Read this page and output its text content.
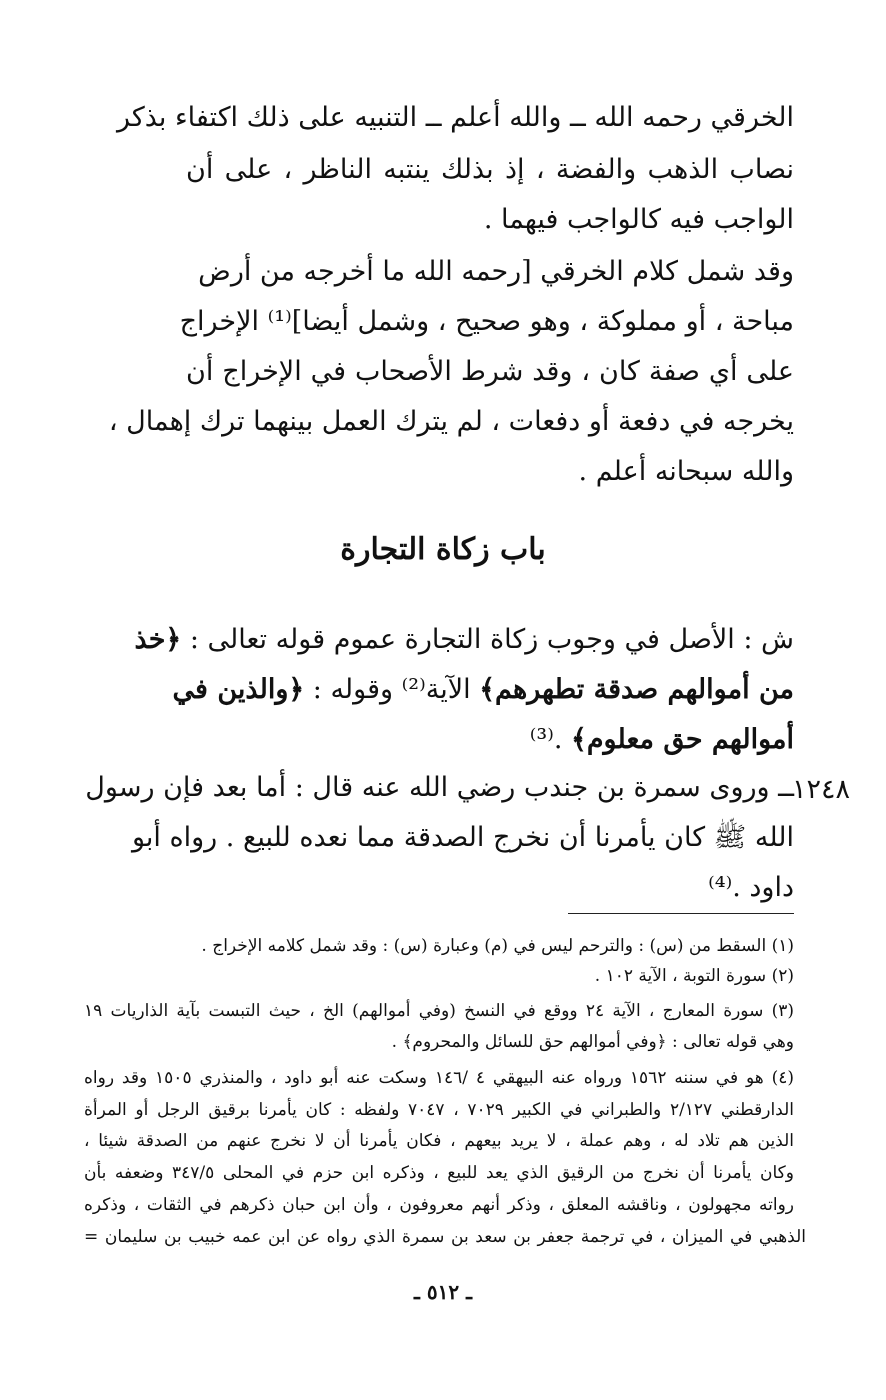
الخرقي رحمه الله ــ والله أعلم ــ التنبيه على ذلك اكتفاء بذكر
نصاب الذهب والفضة ، إذ بذلك ينتبه الناظر ، على أن
الواجب فيه كالواجب فيهما .
وقد شمل كلام الخرقي [رحمه الله ما أخرجه من أرض
مباحة ، أو مملوكة ، وهو صحيح ، وشمل أيضا]⁽¹⁾ الإخراج
على أي صفة كان ، وقد شرط الأصحاب في الإخراج أن
يخرجه في دفعة أو دفعات ، لم يترك العمل بينهما ترك إهمال ،
والله سبحانه أعلم .
باب زكاة التجارة
ش : الأصل في وجوب زكاة التجارة عموم قوله تعالى : ﴿خذ
من أموالهم صدقة تطهرهم﴾ الآية⁽²⁾ وقوله : ﴿والذين في
أموالهم حق معلوم﴾ .⁽³⁾
١٢٤٨
ــ وروى سمرة بن جندب رضي الله عنه قال : أما بعد فإن رسول
الله ﷺ كان يأمرنا أن نخرج الصدقة مما نعده للبيع . رواه أبو
داود .⁽⁴⁾
(١) السقط من (س) : والترحم ليس في (م) وعبارة (س) : وقد شمل كلامه الإخراج .
(٢) سورة التوبة ، الآية ١٠٢ .
(٣) سورة المعارج ، الآية ٢٤ ووقع في النسخ (وفي أموالهم) الخ ، حيث التبست بآية الذاريات ١٩
وهي قوله تعالى : ﴿وفي أموالهم حق للسائل والمحروم﴾ .
(٤) هو في سننه ١٥٦٢ ورواه عنه البيهقي ٤ /١٤٦ وسكت عنه أبو داود ، والمنذري ١٥٠٥ وقد رواه
الدارقطني ٢/١٢٧ والطبراني في الكبير ٧٠٢٩ ، ٧٠٤٧ ولفظه : كان يأمرنا برقيق الرجل أو المرأة
الذين هم تلاد له ، وهم عملة ، لا يريد بيعهم ، فكان يأمرنا أن لا نخرج عنهم من الصدقة شيئا ،
وكان يأمرنا أن نخرج من الرقيق الذي يعد للبيع ، وذكره ابن حزم في المحلى ٣٤٧/٥ وضعفه بأن
رواته مجهولون ، وناقشه المعلق ، وذكر أنهم معروفون ، وأن ابن حبان ذكرهم في الثقات ، وذكره
الذهبي في الميزان ، في ترجمة جعفر بن سعد بن سمرة الذي رواه عن ابن عمه خبيب بن سليمان =
ـ ٥١٢ ـ
